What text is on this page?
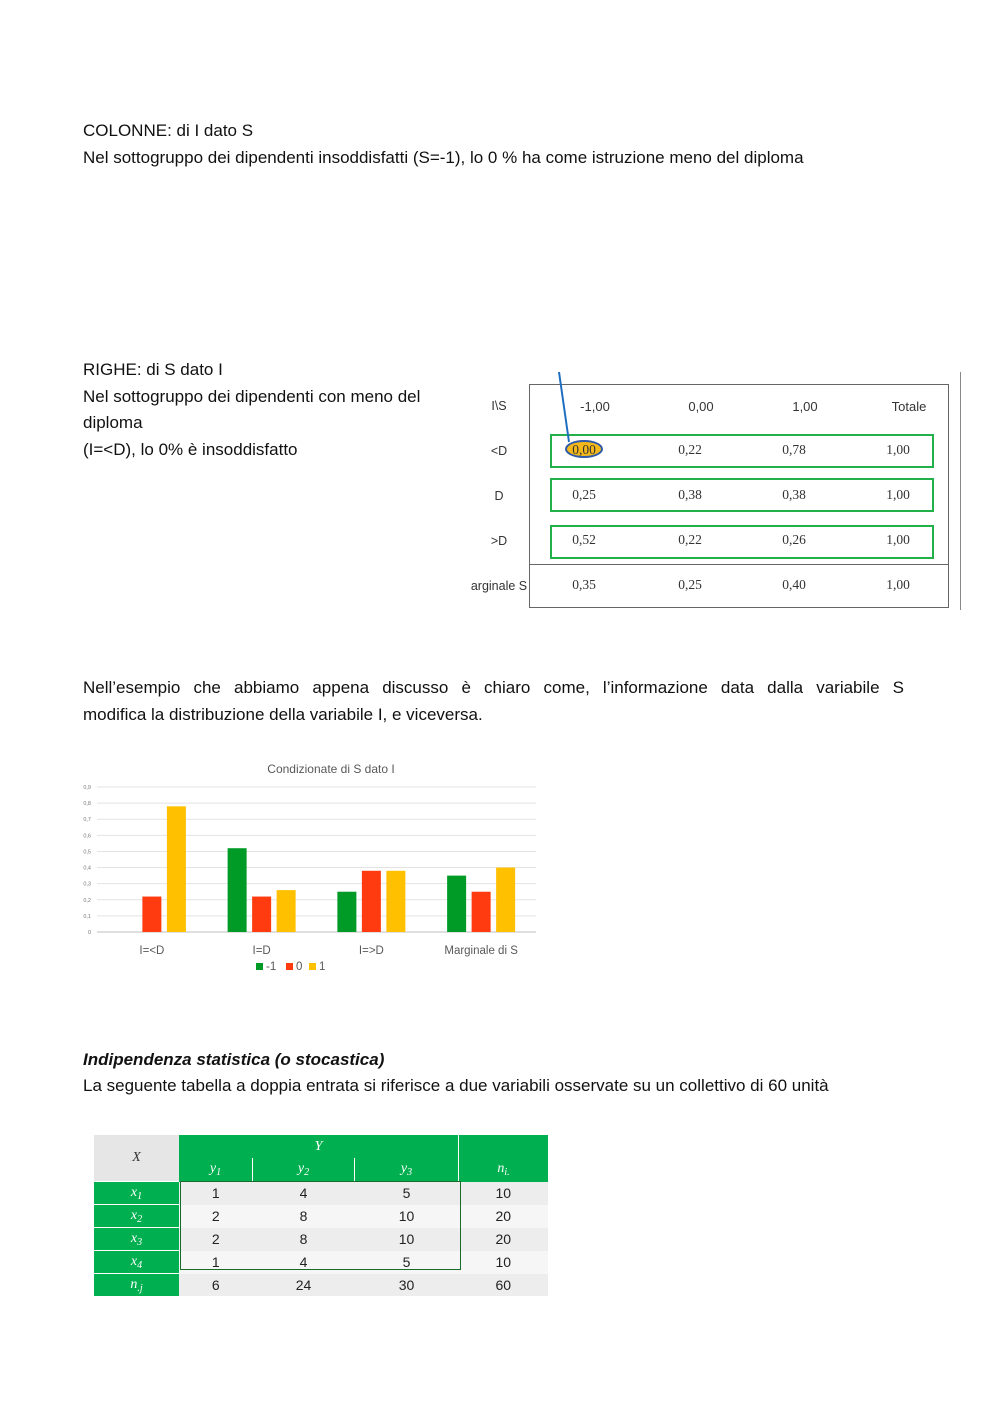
COLONNE: di I dato S
Nel sottogruppo dei dipendenti insoddisfatti (S=-1), lo 0 % ha come istruzione meno del diploma
RIGHE: di S dato I
Nel sottogruppo dei dipendenti con meno del
diploma
(I=<D), lo 0% è insoddisfatto
I\S	-1,00	0,00	1,00	Totale
<D	0,00	0,22	0,78	1,00
D	0,25	0,38	0,38	1,00
>D	0,52	0,22	0,26	1,00
arginale S	0,35	0,25	0,40	1,00
Nell’esempio che abbiamo appena discusso è chiaro come, l’informazione data dalla variabile S
modifica la distribuzione della variabile I, e viceversa.
Condizionate di S dato I
0
0,1
0,2
0,3
0,4
0,5
0,6
0,7
0,8
0,9
I=<D	I=D	I=>D	Marginale di S
-1 0 1
Indipendenza statistica (o stocastica)
La seguente tabella a doppia entrata si riferisce a due variabili osservate su un collettivo di 60 unità
X	Y			
	$y_1$	$y_2$	$y_3$	$n_{i.}$
$x_1$	1	4	5	10
$x_2$	2	8	10	20
$x_3$	2	8	10	20
$x_4$	1	4	5	10
$n_{.j}$	6	24	30	60
